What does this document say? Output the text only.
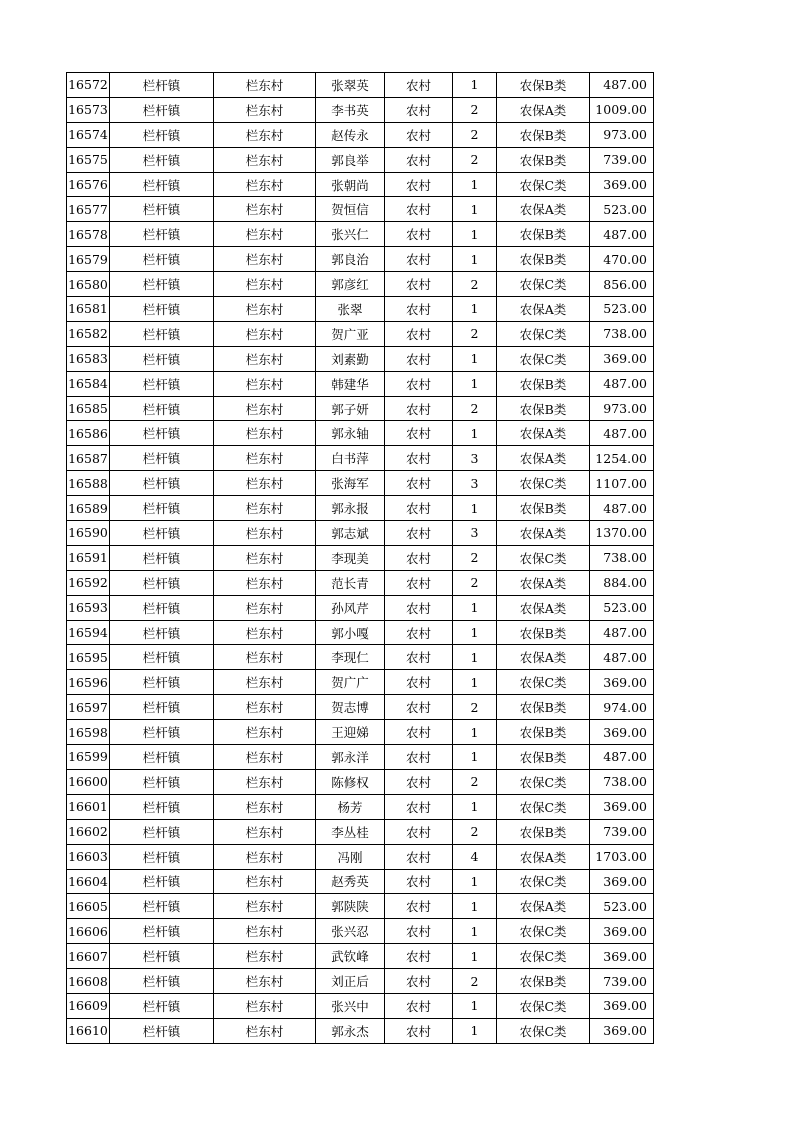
16572	栏杆镇	栏东村	张翠英	农村	1	农保B类	487.00
16573	栏杆镇	栏东村	李书英	农村	2	农保A类	1009.00
16574	栏杆镇	栏东村	赵传永	农村	2	农保B类	973.00
16575	栏杆镇	栏东村	郭良举	农村	2	农保B类	739.00
16576	栏杆镇	栏东村	张朝尚	农村	1	农保C类	369.00
16577	栏杆镇	栏东村	贺恒信	农村	1	农保A类	523.00
16578	栏杆镇	栏东村	张兴仁	农村	1	农保B类	487.00
16579	栏杆镇	栏东村	郭良治	农村	1	农保B类	470.00
16580	栏杆镇	栏东村	郭彦红	农村	2	农保C类	856.00
16581	栏杆镇	栏东村	张翠	农村	1	农保A类	523.00
16582	栏杆镇	栏东村	贺广亚	农村	2	农保C类	738.00
16583	栏杆镇	栏东村	刘素勤	农村	1	农保C类	369.00
16584	栏杆镇	栏东村	韩建华	农村	1	农保B类	487.00
16585	栏杆镇	栏东村	郭子妍	农村	2	农保B类	973.00
16586	栏杆镇	栏东村	郭永轴	农村	1	农保A类	487.00
16587	栏杆镇	栏东村	白书萍	农村	3	农保A类	1254.00
16588	栏杆镇	栏东村	张海军	农村	3	农保C类	1107.00
16589	栏杆镇	栏东村	郭永报	农村	1	农保B类	487.00
16590	栏杆镇	栏东村	郭志斌	农村	3	农保A类	1370.00
16591	栏杆镇	栏东村	李现美	农村	2	农保C类	738.00
16592	栏杆镇	栏东村	范长青	农村	2	农保A类	884.00
16593	栏杆镇	栏东村	孙风芹	农村	1	农保A类	523.00
16594	栏杆镇	栏东村	郭小嘎	农村	1	农保B类	487.00
16595	栏杆镇	栏东村	李现仁	农村	1	农保A类	487.00
16596	栏杆镇	栏东村	贺广广	农村	1	农保C类	369.00
16597	栏杆镇	栏东村	贺志博	农村	2	农保B类	974.00
16598	栏杆镇	栏东村	王迎娣	农村	1	农保B类	369.00
16599	栏杆镇	栏东村	郭永洋	农村	1	农保B类	487.00
16600	栏杆镇	栏东村	陈修权	农村	2	农保C类	738.00
16601	栏杆镇	栏东村	杨芳	农村	1	农保C类	369.00
16602	栏杆镇	栏东村	李丛桂	农村	2	农保B类	739.00
16603	栏杆镇	栏东村	冯刚	农村	4	农保A类	1703.00
16604	栏杆镇	栏东村	赵秀英	农村	1	农保C类	369.00
16605	栏杆镇	栏东村	郭陕陕	农村	1	农保A类	523.00
16606	栏杆镇	栏东村	张兴忍	农村	1	农保C类	369.00
16607	栏杆镇	栏东村	武钦峰	农村	1	农保C类	369.00
16608	栏杆镇	栏东村	刘正后	农村	2	农保B类	739.00
16609	栏杆镇	栏东村	张兴中	农村	1	农保C类	369.00
16610	栏杆镇	栏东村	郭永杰	农村	1	农保C类	369.00
